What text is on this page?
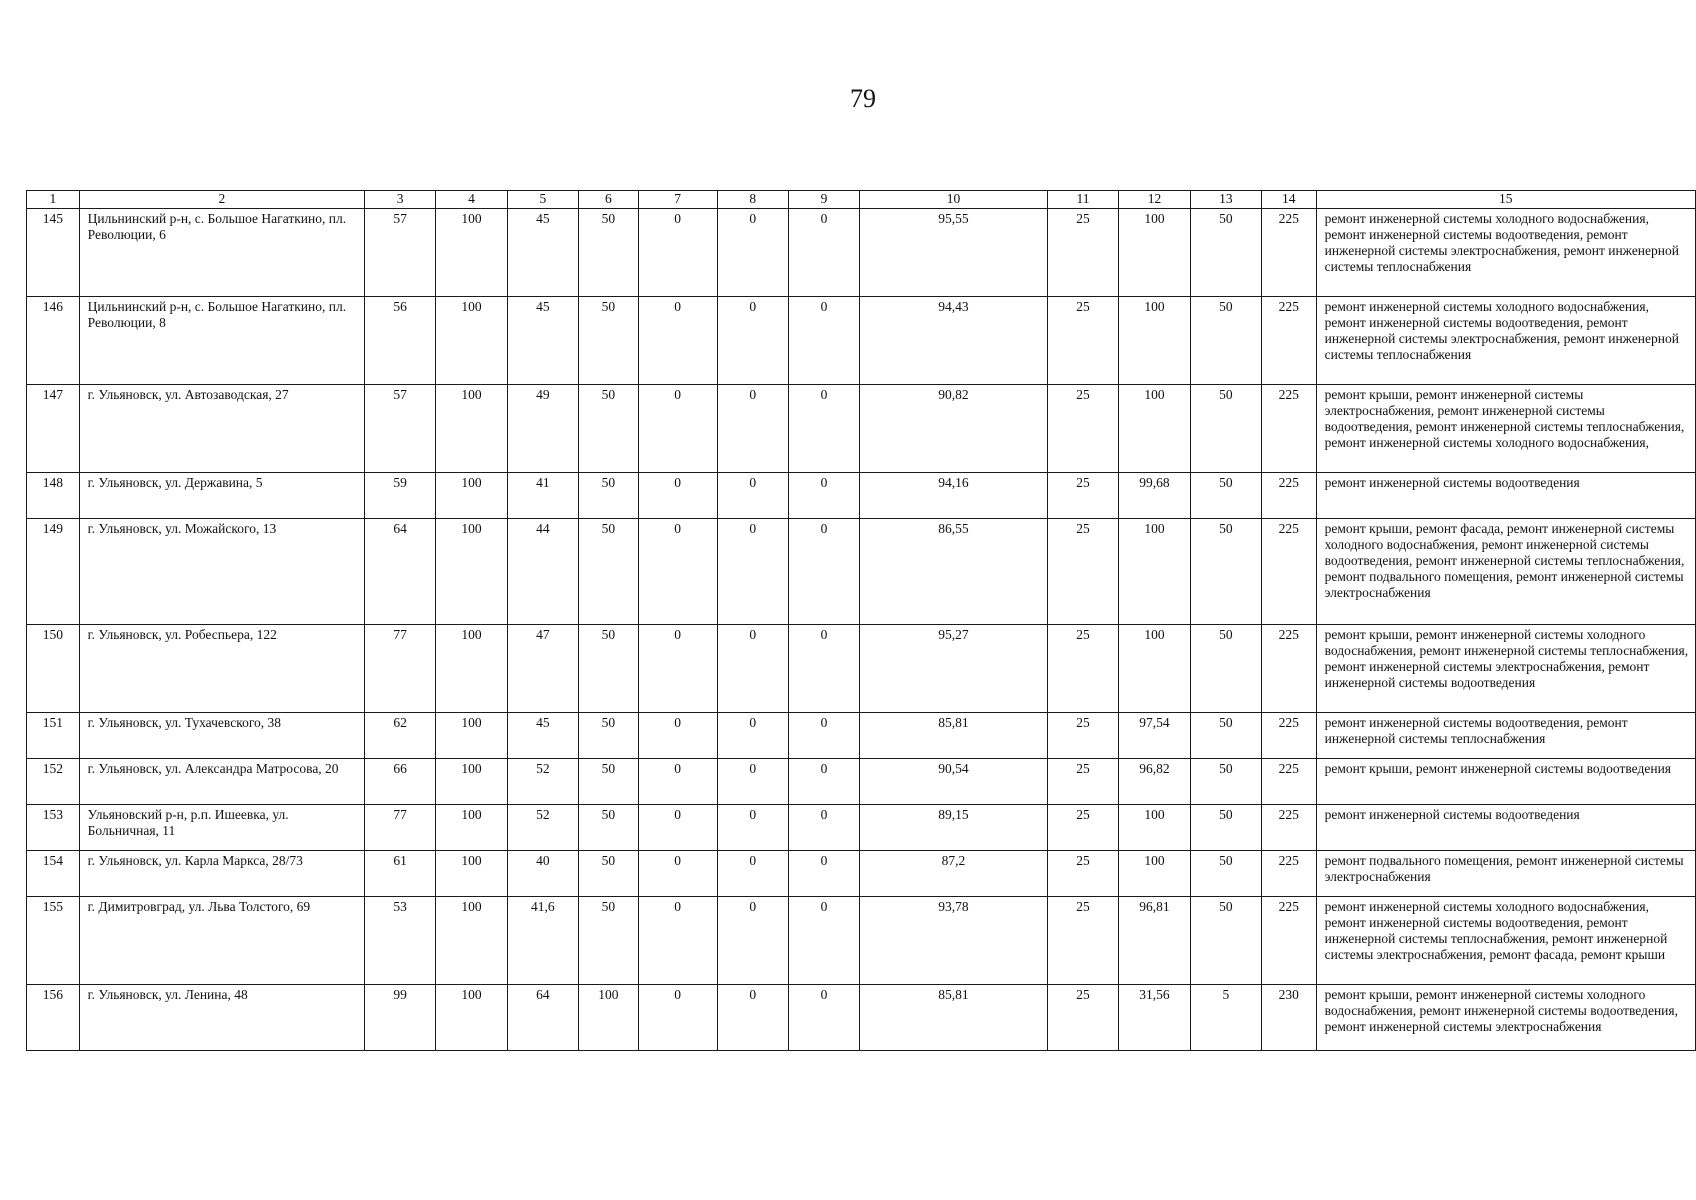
79
1	2	3	4	5	6	7	8	9	10	11	12	13	14	15
145	Цильнинский р-н, с. Большое Нагаткино, пл. Революции, 6	57	100	45	50	0	0	0	95,55	25	100	50	225	ремонт инженерной системы холодного водоснабжения, ремонт инженерной системы водоотведения, ремонт инженерной системы электроснабжения, ремонт инженерной системы теплоснабжения
146	Цильнинский р-н, с. Большое Нагаткино, пл. Революции, 8	56	100	45	50	0	0	0	94,43	25	100	50	225	ремонт инженерной системы холодного водоснабжения, ремонт инженерной системы водоотведения, ремонт инженерной системы электроснабжения, ремонт инженерной системы теплоснабжения
147	г. Ульяновск, ул. Автозаводская, 27	57	100	49	50	0	0	0	90,82	25	100	50	225	ремонт крыши, ремонт инженерной системы электроснабжения, ремонт инженерной системы водоотведения, ремонт инженерной системы теплоснабжения, ремонт инженерной системы холодного водоснабжения,
148	г. Ульяновск, ул. Державина, 5	59	100	41	50	0	0	0	94,16	25	99,68	50	225	ремонт инженерной системы водоотведения
149	г. Ульяновск, ул. Можайского, 13	64	100	44	50	0	0	0	86,55	25	100	50	225	ремонт крыши, ремонт фасада, ремонт инженерной системы холодного водоснабжения, ремонт инженерной системы водоотведения, ремонт инженерной системы теплоснабжения, ремонт подвального помещения, ремонт инженерной системы электроснабжения
150	г. Ульяновск, ул. Робеспьера, 122	77	100	47	50	0	0	0	95,27	25	100	50	225	ремонт крыши, ремонт инженерной системы холодного водоснабжения, ремонт инженерной системы теплоснабжения, ремонт инженерной системы электроснабжения, ремонт инженерной системы водоотведения
151	г. Ульяновск, ул. Тухачевского, 38	62	100	45	50	0	0	0	85,81	25	97,54	50	225	ремонт инженерной системы водоотведения, ремонт инженерной системы теплоснабжения
152	г. Ульяновск, ул. Александра Матросова, 20	66	100	52	50	0	0	0	90,54	25	96,82	50	225	ремонт крыши, ремонт инженерной системы водоотведения
153	Ульяновский р-н, р.п. Ишеевка, ул. Больничная, 11	77	100	52	50	0	0	0	89,15	25	100	50	225	ремонт инженерной системы водоотведения
154	г. Ульяновск, ул. Карла Маркса, 28/73	61	100	40	50	0	0	0	87,2	25	100	50	225	ремонт подвального помещения, ремонт инженерной системы электроснабжения
155	г. Димитровград, ул. Льва Толстого, 69	53	100	41,6	50	0	0	0	93,78	25	96,81	50	225	ремонт инженерной системы холодного водоснабжения, ремонт инженерной системы водоотведения, ремонт инженерной системы теплоснабжения, ремонт инженерной системы электроснабжения, ремонт фасада, ремонт крыши
156	г. Ульяновск, ул. Ленина, 48	99	100	64	100	0	0	0	85,81	25	31,56	5	230	ремонт крыши, ремонт инженерной системы холодного водоснабжения, ремонт инженерной системы водоотведения, ремонт инженерной системы электроснабжения
